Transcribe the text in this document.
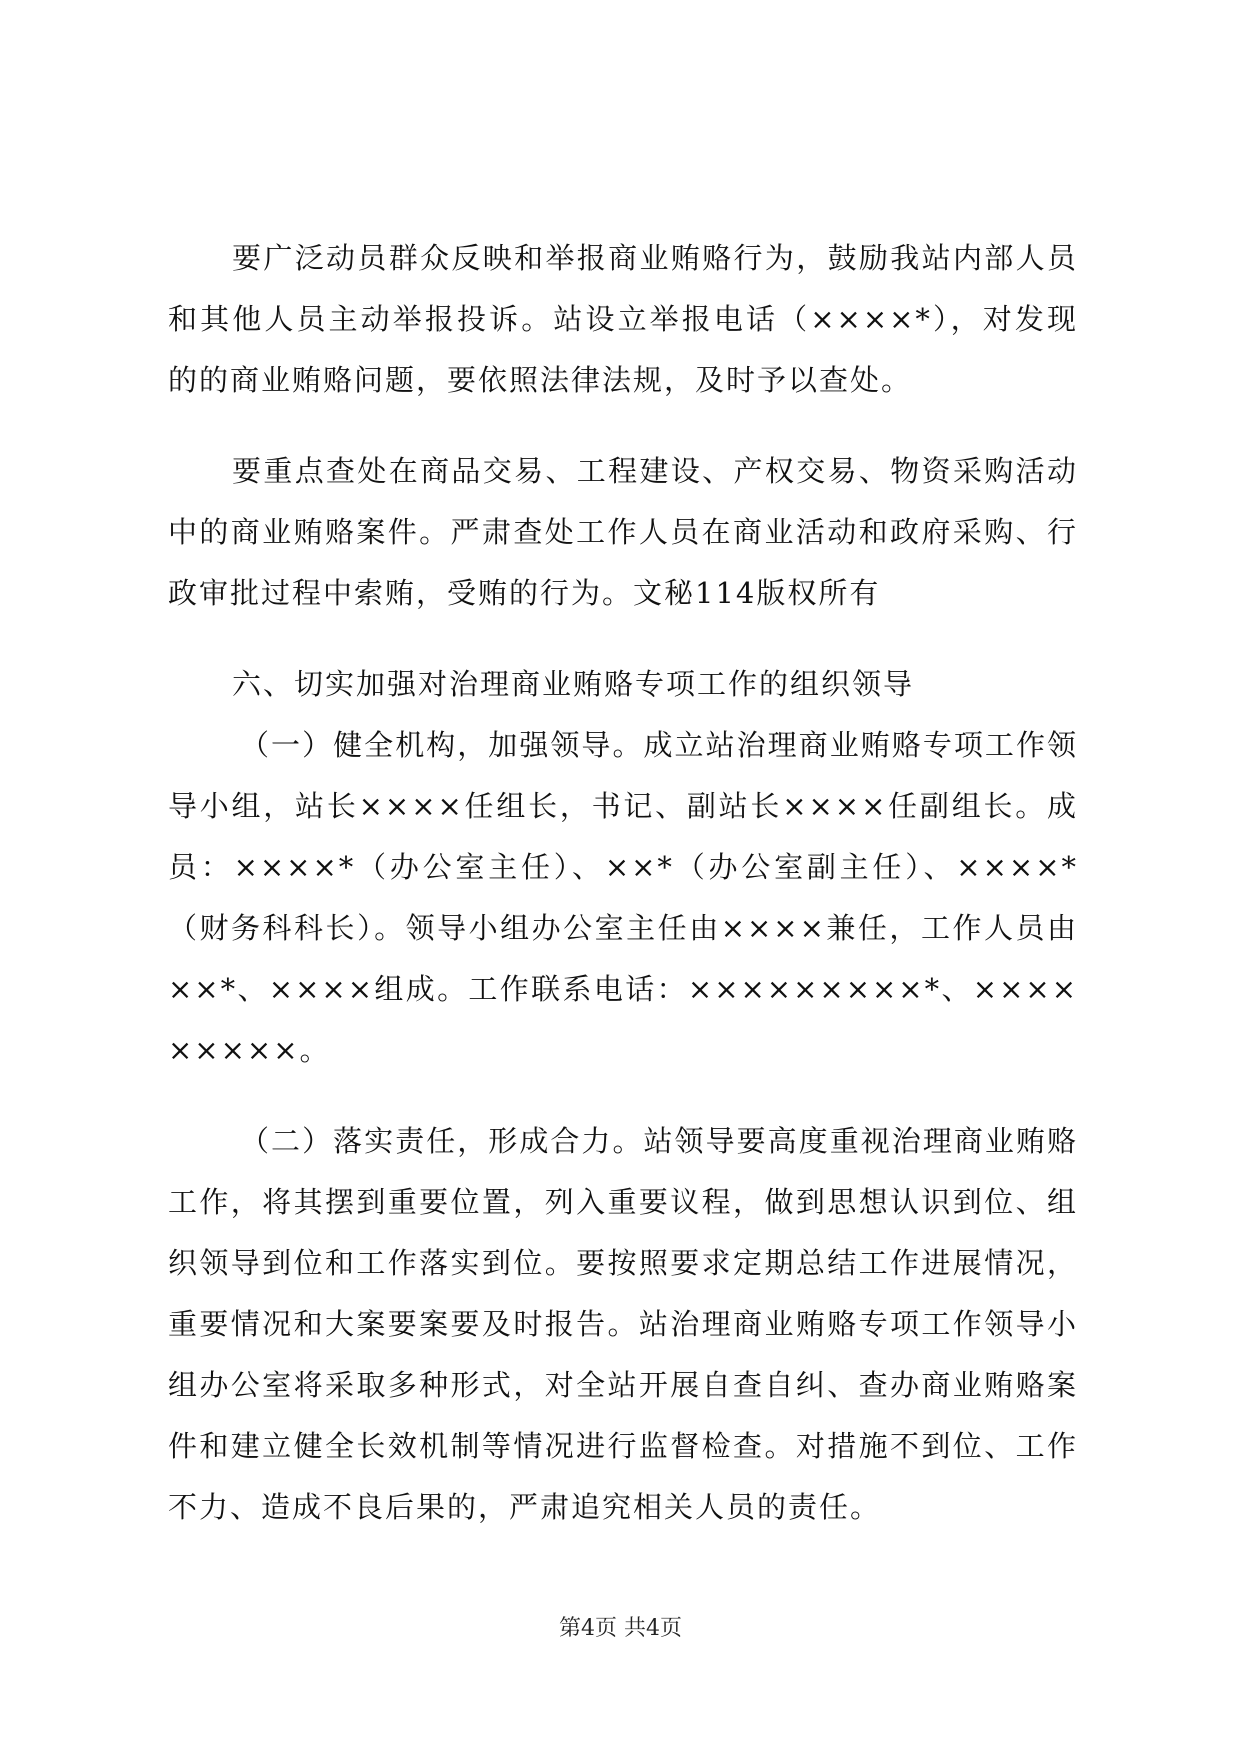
要广泛动员群众反映和举报商业贿赂行为，鼓励我站内部人员和其他人员主动举报投诉。站设立举报电话（××××*），对发现的的商业贿赂问题，要依照法律法规，及时予以查处。

要重点查处在商品交易、工程建设、产权交易、物资采购活动中的商业贿赂案件。严肃查处工作人员在商业活动和政府采购、行政审批过程中索贿，受贿的行为。文秘114版权所有

六、切实加强对治理商业贿赂专项工作的组织领导

（一）健全机构，加强领导。成立站治理商业贿赂专项工作领导小组，站长××××任组长，书记、副站长××××任副组长。成员：××××*（办公室主任）、××*（办公室副主任）、××××*（财务科科长）。领导小组办公室主任由××××兼任，工作人员由××*、××××组成。工作联系电话：×××××××××*、×××××××××。

（二）落实责任，形成合力。站领导要高度重视治理商业贿赂工作，将其摆到重要位置，列入重要议程，做到思想认识到位、组织领导到位和工作落实到位。要按照要求定期总结工作进展情况，重要情况和大案要案要及时报告。站治理商业贿赂专项工作领导小组办公室将采取多种形式，对全站开展自查自纠、查办商业贿赂案件和建立健全长效机制等情况进行监督检查。对措施不到位、工作不力、造成不良后果的，严肃追究相关人员的责任。

第4页 共4页
